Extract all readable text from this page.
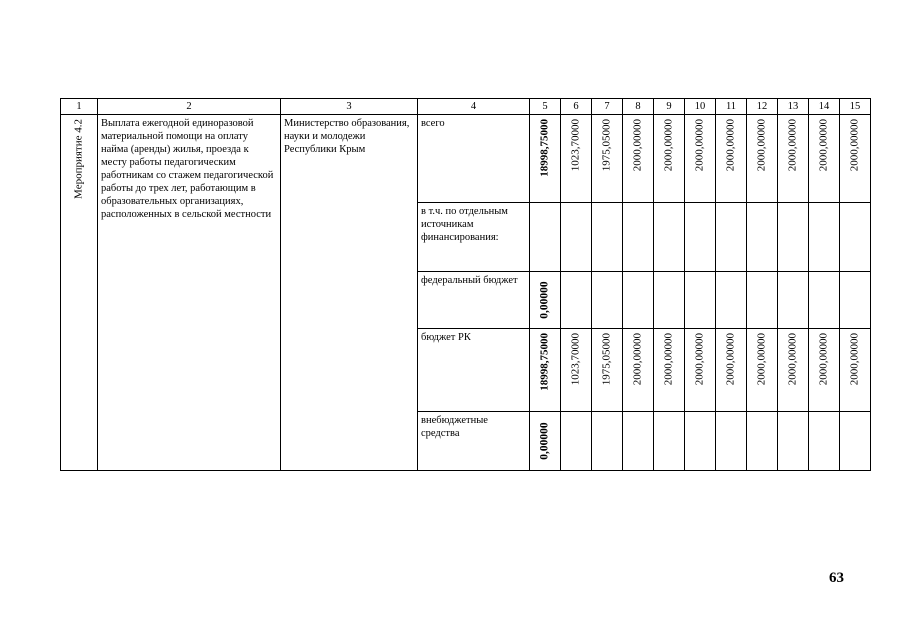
1	2	3	4	5	6	7	8	9	10	11	12	13	14	15

Мероприятие 4.2	Выплата ежегодной единоразовой материальной помощи на оплату найма (аренды) жилья, проезда к месту работы педагогическим работникам со стажем педагогической работы до трех лет, работающим в образовательных организациях, расположенных в сельской местности	Министерство образования, науки и молодежи Республики Крым	всего	18998,75000	1023,70000	1975,05000	2000,00000	2000,00000	2000,00000	2000,00000	2000,00000	2000,00000	2000,00000	2000,00000

			в т.ч. по отдельным источникам финансирования:											

			федеральный бюджет	0,00000										

			бюджет РК	18998,75000	1023,70000	1975,05000	2000,00000	2000,00000	2000,00000	2000,00000	2000,00000	2000,00000	2000,00000	2000,00000

			внебюджетные средства	0,00000										

63
